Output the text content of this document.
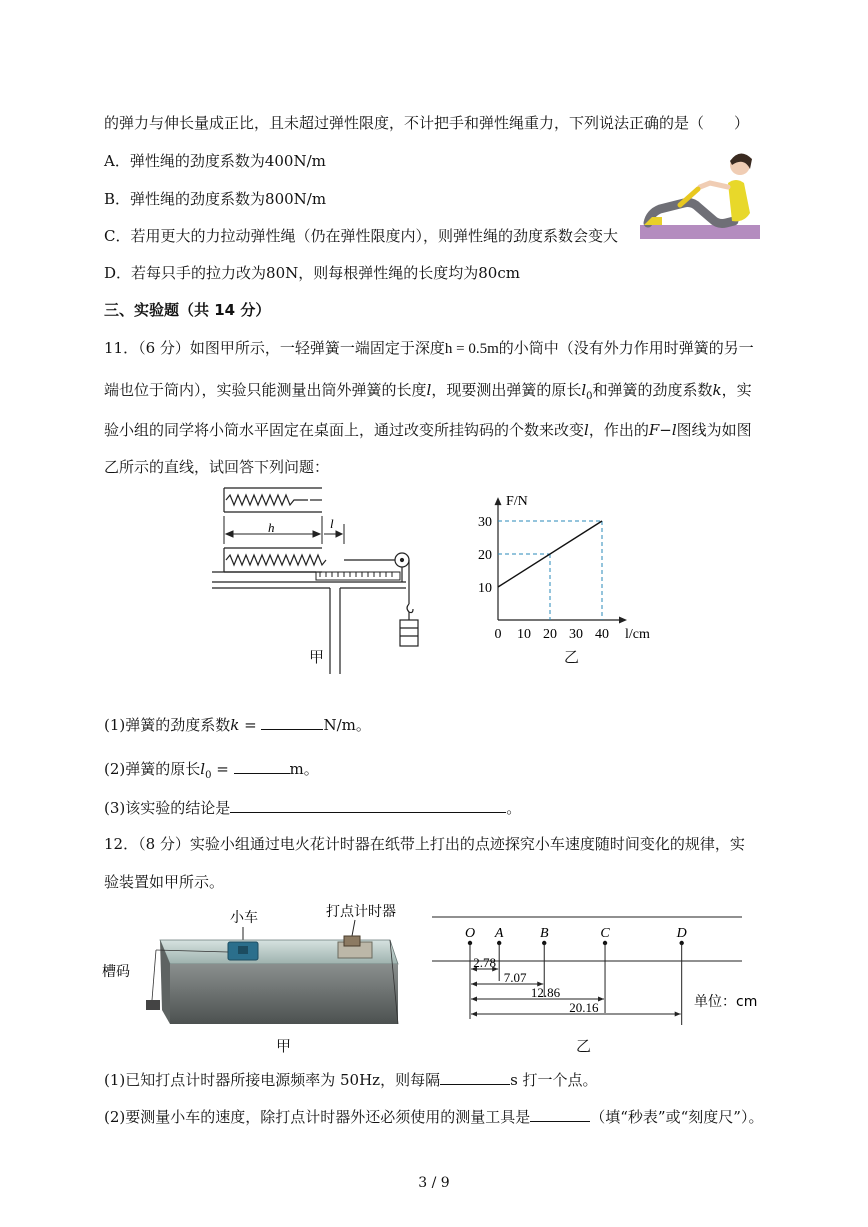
的弹力与伸长量成正比，且未超过弹性限度，不计把手和弹性绳重力，下列说法正确的是（　　）
A．弹性绳的劲度系数为400N/m
B．弹性绳的劲度系数为800N/m
C．若用更大的力拉动弹性绳（仍在弹性限度内），则弹性绳的劲度系数会变大
D．若每只手的拉力改为80N，则每根弹性绳的长度均为80cm
三、实验题（共 14 分）
11．（6 分）如图甲所示，一轻弹簧一端固定于深度h = 0.5m的小筒中（没有外力作用时弹簧的另一
端也位于筒内），实验只能测量出筒外弹簧的长度l，现要测出弹簧的原长$l_0$和弹簧的劲度系数k，实
验小组的同学将小筒水平固定在桌面上，通过改变所挂钩码的个数来改变l，作出的F−l图线为如图
乙所示的直线，试回答下列问题：
h	l
甲
0 10 20 30 40
10
20
30
F/N
l/cm
乙
(1)弹簧的劲度系数k =	N/m。
(2)弹簧的原长$l_0$ =	m。
(3)该实验的结论是	。
12．（8 分）实验小组通过电火花计时器在纸带上打出的点迹探究小车速度随时间变化的规律，实
验装置如甲所示。
小车	打点计时器
槽码
甲
O A	B	C	D
2.78
7.07
12.86
20.16	单位：cm
乙
(1)已知打点计时器所接电源频率为 50Hz，则每隔	s 打一个点。
(2)要测量小车的速度，除打点计时器外还必须使用的测量工具是	（填“秒表”或“刻度尺”）。
3 / 9
